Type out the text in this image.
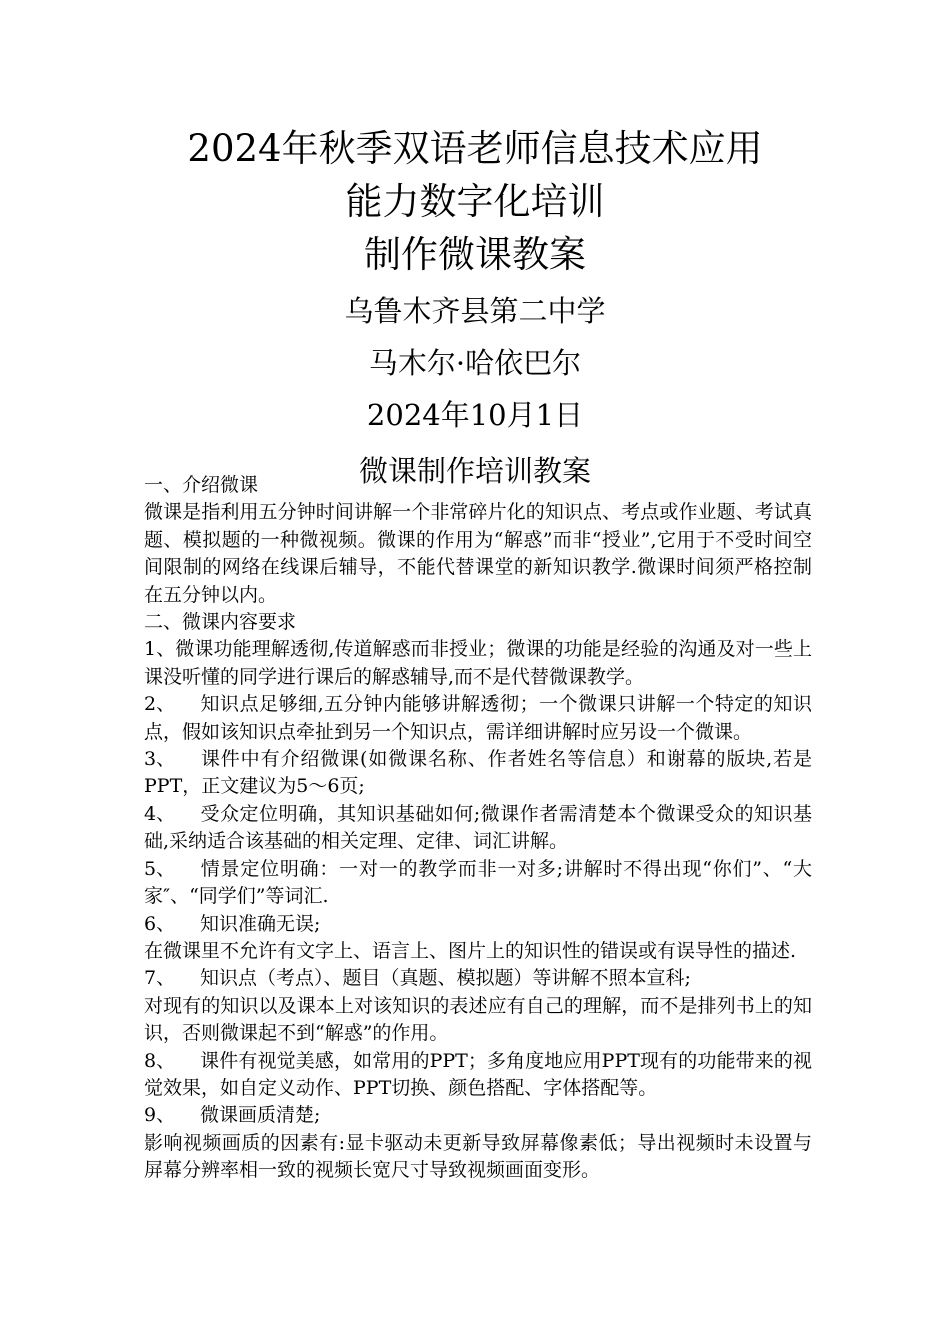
2024年秋季双语老师信息技术应用

能力数字化培训

制作微课教案

乌鲁木齐县第二中学

马木尔·哈依巴尔

2024年10月1日

微课制作培训教案

一、介绍微课

微课是指利用五分钟时间讲解一个非常碎片化的知识点、考点或作业题、考试真题、模拟题的一种微视频。微课的作用为“解惑”而非“授业”,它用于不受时间空间限制的网络在线课后辅导，不能代替课堂的新知识教学.微课时间须严格控制在五分钟以内。

二、微课内容要求

1、微课功能理解透彻,传道解惑而非授业；微课的功能是经验的沟通及对一些上课没听懂的同学进行课后的解惑辅导,而不是代替微课教学。

2、 知识点足够细,五分钟内能够讲解透彻；一个微课只讲解一个特定的知识点，假如该知识点牵扯到另一个知识点，需详细讲解时应另设一个微课。

3、 课件中有介绍微课(如微课名称、作者姓名等信息）和谢幕的版块,若是PPT，正文建议为5～6页;

4、 受众定位明确，其知识基础如何;微课作者需清楚本个微课受众的知识基础,采纳适合该基础的相关定理、定律、词汇讲解。

5、 情景定位明确：一对一的教学而非一对多;讲解时不得出现“你们”、“大家″、“同学们”等词汇.

6、 知识准确无误;

在微课里不允许有文字上、语言上、图片上的知识性的错误或有误导性的描述.

7、 知识点（考点）、题目（真题、模拟题）等讲解不照本宣科;

对现有的知识以及课本上对该知识的表述应有自己的理解，而不是排列书上的知识，否则微课起不到“解惑”的作用。

8、 课件有视觉美感，如常用的PPT；多角度地应用PPT现有的功能带来的视觉效果，如自定义动作、PPT切换、颜色搭配、字体搭配等。

9、 微课画质清楚;

影响视频画质的因素有:显卡驱动未更新导致屏幕像素低；导出视频时未设置与屏幕分辨率相一致的视频长宽尺寸导致视频画面变形。
